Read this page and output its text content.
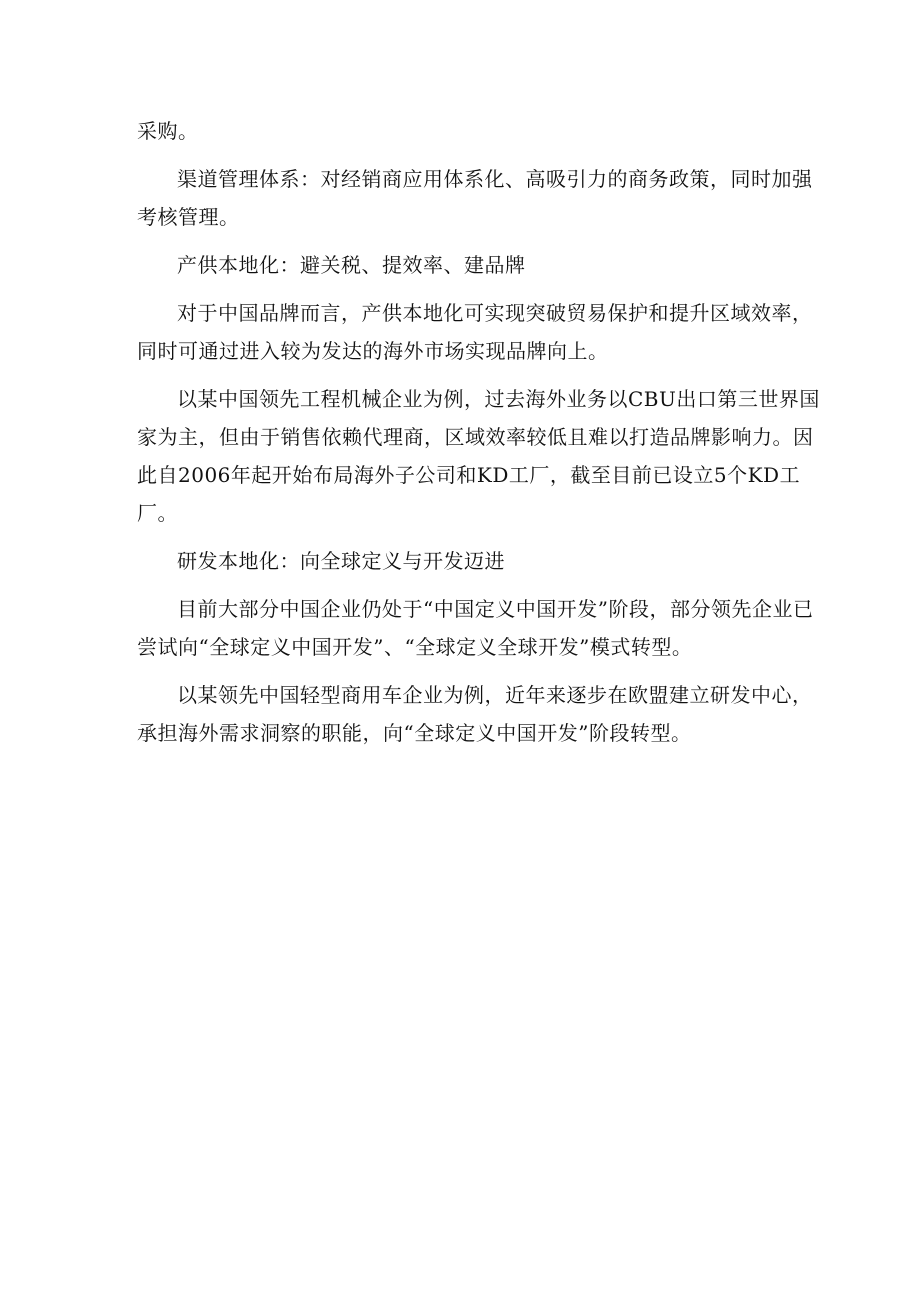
采购。

渠道管理体系：对经销商应用体系化、高吸引力的商务政策，同时加强考核管理。

产供本地化：避关税、提效率、建品牌

对于中国品牌而言，产供本地化可实现突破贸易保护和提升区域效率，同时可通过进入较为发达的海外市场实现品牌向上。

以某中国领先工程机械企业为例，过去海外业务以CBU出口第三世界国家为主，但由于销售依赖代理商，区域效率较低且难以打造品牌影响力。因此自2006年起开始布局海外子公司和KD工厂，截至目前已设立5个KD工厂。

研发本地化：向全球定义与开发迈进

目前大部分中国企业仍处于“中国定义中国开发”阶段，部分领先企业已尝试向“全球定义中国开发”、“全球定义全球开发”模式转型。

以某领先中国轻型商用车企业为例，近年来逐步在欧盟建立研发中心，承担海外需求洞察的职能，向“全球定义中国开发”阶段转型。
